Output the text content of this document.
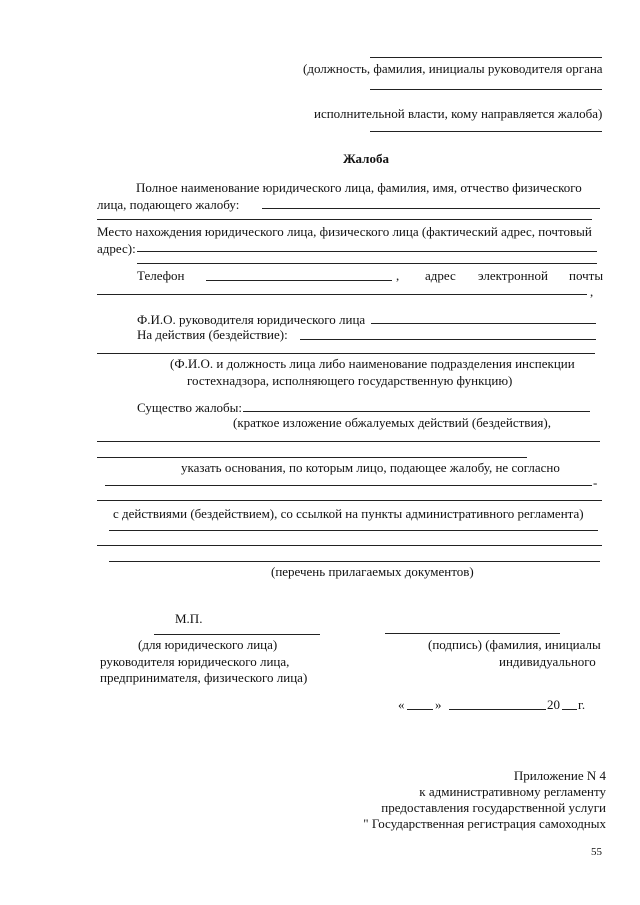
(должность, фамилия, инициалы руководителя органа
исполнительной власти, кому направляется жалоба)
Жалоба
Полное наименование юридического лица, фамилия, имя, отчество физического
лица, подающего жалобу:
Место нахождения юридического лица, физического лица (фактический адрес, почтовый
адрес):
Телефон	, адрес электронной почты
,
Ф.И.О. руководителя юридического лица
На действия (бездействие):
(Ф.И.О. и должность лица либо наименование подразделения инспекции
гостехнадзора, исполняющего государственную функцию)
Существо жалобы:
(краткое изложение обжалуемых действий (бездействия),
указать основания, по которым лицо, подающее жалобу, не согласно
-
с действиями (бездействием), со ссылкой на пункты административного регламента)
(перечень прилагаемых документов)
М.П.
(для юридического лица)
руководителя юридического лица,
предпринимателя, физического лица)
(подпись) (фамилия, инициалы
индивидуального
« »	20 г.
Приложение N 4
к административному регламенту
предоставления государственной услуги
" Государственная регистрация самоходных
55
